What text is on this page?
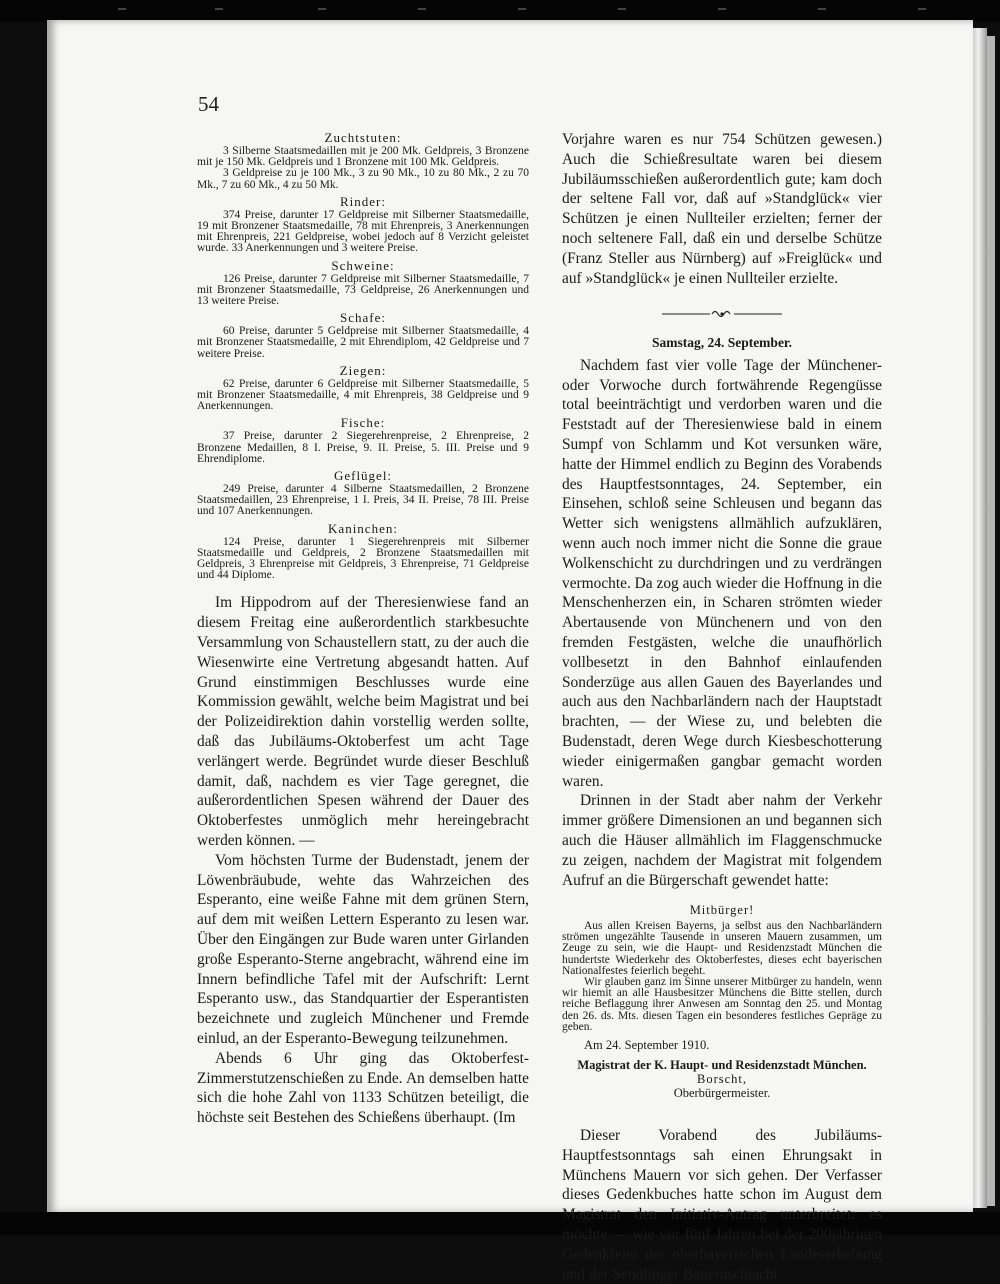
54
Zuchtstuten:

3 Silberne Staatsmedaillen mit je 200 Mk. Geldpreis, 3 Bronzene mit je 150 Mk. Geldpreis und 1 Bronzene mit 100 Mk. Geldpreis.

3 Geldpreise zu je 100 Mk., 3 zu 90 Mk., 10 zu 80 Mk., 2 zu 70 Mk., 7 zu 60 Mk., 4 zu 50 Mk.

Rinder:

374 Preise, darunter 17 Geldpreise mit Silberner Staatsmedaille, 19 mit Bronzener Staatsmedaille, 78 mit Ehrenpreis, 3 Anerkennungen mit Ehrenpreis, 221 Geldpreise, wobei jedoch auf 8 Verzicht geleistet wurde. 33 Anerkennungen und 3 weitere Preise.

Schweine:

126 Preise, darunter 7 Geldpreise mit Silberner Staatsmedaille, 7 mit Bronzener Staatsmedaille, 73 Geldpreise, 26 Anerkennungen und 13 weitere Preise.

Schafe:

60 Preise, darunter 5 Geldpreise mit Silberner Staatsmedaille, 4 mit Bronzener Staatsmedaille, 2 mit Ehrendiplom, 42 Geldpreise und 7 weitere Preise.

Ziegen:

62 Preise, darunter 6 Geldpreise mit Silberner Staatsmedaille, 5 mit Bronzener Staatsmedaille, 4 mit Ehrenpreis, 38 Geldpreise und 9 Anerkennungen.

Fische:

37 Preise, darunter 2 Siegerehrenpreise, 2 Ehrenpreise, 2 Bronzene Medaillen, 8 I. Preise, 9. II. Preise, 5. III. Preise und 9 Ehrendiplome.

Geflügel:

249 Preise, darunter 4 Silberne Staatsmedaillen, 2 Bronzene Staatsmedaillen, 23 Ehrenpreise, 1 I. Preis, 34 II. Preise, 78 III. Preise und 107 Anerkennungen.

Kaninchen:

124 Preise, darunter 1 Siegerehrenpreis mit Silberner Staatsmedaille und Geldpreis, 2 Bronzene Staatsmedaillen mit Geldpreis, 3 Ehrenpreise mit Geldpreis, 3 Ehrenpreise, 71 Geldpreise und 44 Diplome.

Im Hippodrom auf der Theresienwiese fand an diesem Freitag eine außerordentlich starkbesuchte Versammlung von Schaustellern statt, zu der auch die Wiesenwirte eine Vertretung abgesandt hatten. Auf Grund einstimmigen Beschlusses wurde eine Kommission gewählt, welche beim Magistrat und bei der Polizeidirektion dahin vorstellig werden sollte, daß das Jubiläums-Oktoberfest um acht Tage verlängert werde. Begründet wurde dieser Beschluß damit, daß, nachdem es vier Tage geregnet, die außerordentlichen Spesen während der Dauer des Oktoberfestes unmöglich mehr hereingebracht werden können. —

Vom höchsten Turme der Budenstadt, jenem der Löwenbräubude, wehte das Wahrzeichen des Esperanto, eine weiße Fahne mit dem grünen Stern, auf dem mit weißen Lettern Esperanto zu lesen war. Über den Eingängen zur Bude waren unter Girlanden große Esperanto-Sterne angebracht, während eine im Innern befindliche Tafel mit der Aufschrift: Lernt Esperanto usw., das Standquartier der Esperantisten bezeichnete und zugleich Münchener und Fremde einlud, an der Esperanto-Bewegung teilzunehmen.

Abends 6 Uhr ging das Oktoberfest-Zimmerstutzenschießen zu Ende. An demselben hatte sich die hohe Zahl von 1133 Schützen beteiligt, die höchste seit Bestehen des Schießens überhaupt. (Im

Vorjahre waren es nur 754 Schützen gewesen.) Auch die Schießresultate waren bei diesem Jubiläumsschießen außerordentlich gute; kam doch der seltene Fall vor, daß auf »Standglück« vier Schützen je einen Nullteiler erzielten; ferner der noch seltenere Fall, daß ein und derselbe Schütze (Franz Steller aus Nürnberg) auf »Freiglück« und auf »Standglück« je einen Nullteiler erzielte.

Samstag, 24. September.

Nachdem fast vier volle Tage der Münchener- oder Vorwoche durch fortwährende Regengüsse total beeinträchtigt und verdorben waren und die Feststadt auf der Theresienwiese bald in einem Sumpf von Schlamm und Kot versunken wäre, hatte der Himmel endlich zu Beginn des Vorabends des Hauptfestsonntages, 24. September, ein Einsehen, schloß seine Schleusen und begann das Wetter sich wenigstens allmählich aufzuklären, wenn auch noch immer nicht die Sonne die graue Wolkenschicht zu durchdringen und zu verdrängen vermochte. Da zog auch wieder die Hoffnung in die Menschenherzen ein, in Scharen strömten wieder Abertausende von Münchenern und von den fremden Festgästen, welche die unaufhörlich vollbesetzt in den Bahnhof einlaufenden Sonderzüge aus allen Gauen des Bayerlandes und auch aus den Nachbarländern nach der Hauptstadt brachten, — der Wiese zu, und belebten die Budenstadt, deren Wege durch Kiesbeschotterung wieder einigermaßen gangbar gemacht worden waren.

Drinnen in der Stadt aber nahm der Verkehr immer größere Dimensionen an und begannen sich auch die Häuser allmählich im Flaggenschmucke zu zeigen, nachdem der Magistrat mit folgendem Aufruf an die Bürgerschaft gewendet hatte:

Mitbürger!

Aus allen Kreisen Bayerns, ja selbst aus den Nachbarländern strömen ungezählte Tausende in unseren Mauern zusammen, um Zeuge zu sein, wie die Haupt- und Residenzstadt München die hundertste Wiederkehr des Oktoberfestes, dieses echt bayerischen Nationalfestes feierlich begeht.

Wir glauben ganz im Sinne unserer Mitbürger zu handeln, wenn wir hiemit an alle Hausbesitzer Münchens die Bitte stellen, durch reiche Beflaggung ihrer Anwesen am Sonntag den 25. und Montag den 26. ds. Mts. diesen Tagen ein besonderes festliches Gepräge zu geben.

Am 24. September 1910.
Magistrat der K. Haupt- und Residenzstadt München.
Borscht,
Oberbürgermeister.

Dieser Vorabend des Jubiläums-Hauptfestsonntags sah einen Ehrungsakt in Münchens Mauern vor sich gehen. Der Verfasser dieses Gedenkbuches hatte schon im August dem Magistrat den Initiativ-Antrag unterbreitet: es möchte — wie vor fünf Jahren bei der 200jährigen Gedenkfeier der oberbayerischen Landeserhebung und der Sendlinger Bauernschlacht
